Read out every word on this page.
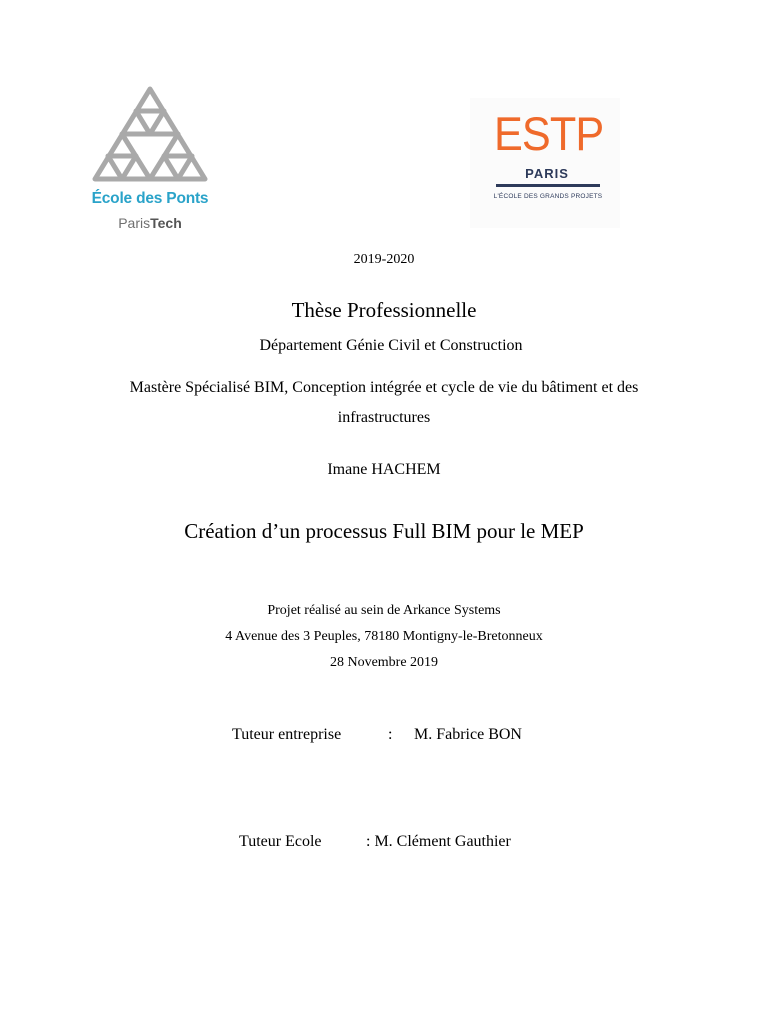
École des Ponts
ParisTech
ESTP
PARIS
L'ÉCOLE DES GRANDS PROJETS
2019-2020
Thèse Professionnelle
Département Génie Civil et Construction
Mastère Spécialisé BIM, Conception intégrée et cycle de vie du bâtiment et des
infrastructures
Imane HACHEM
Création d’un processus Full BIM pour le MEP
Projet réalisé au sein de Arkance Systems
4 Avenue des 3 Peuples, 78180 Montigny-le-Bretonneux
28 Novembre 2019
Tuteur entreprise	: M. Fabrice BON
Tuteur Ecole	: M. Clément Gauthier
